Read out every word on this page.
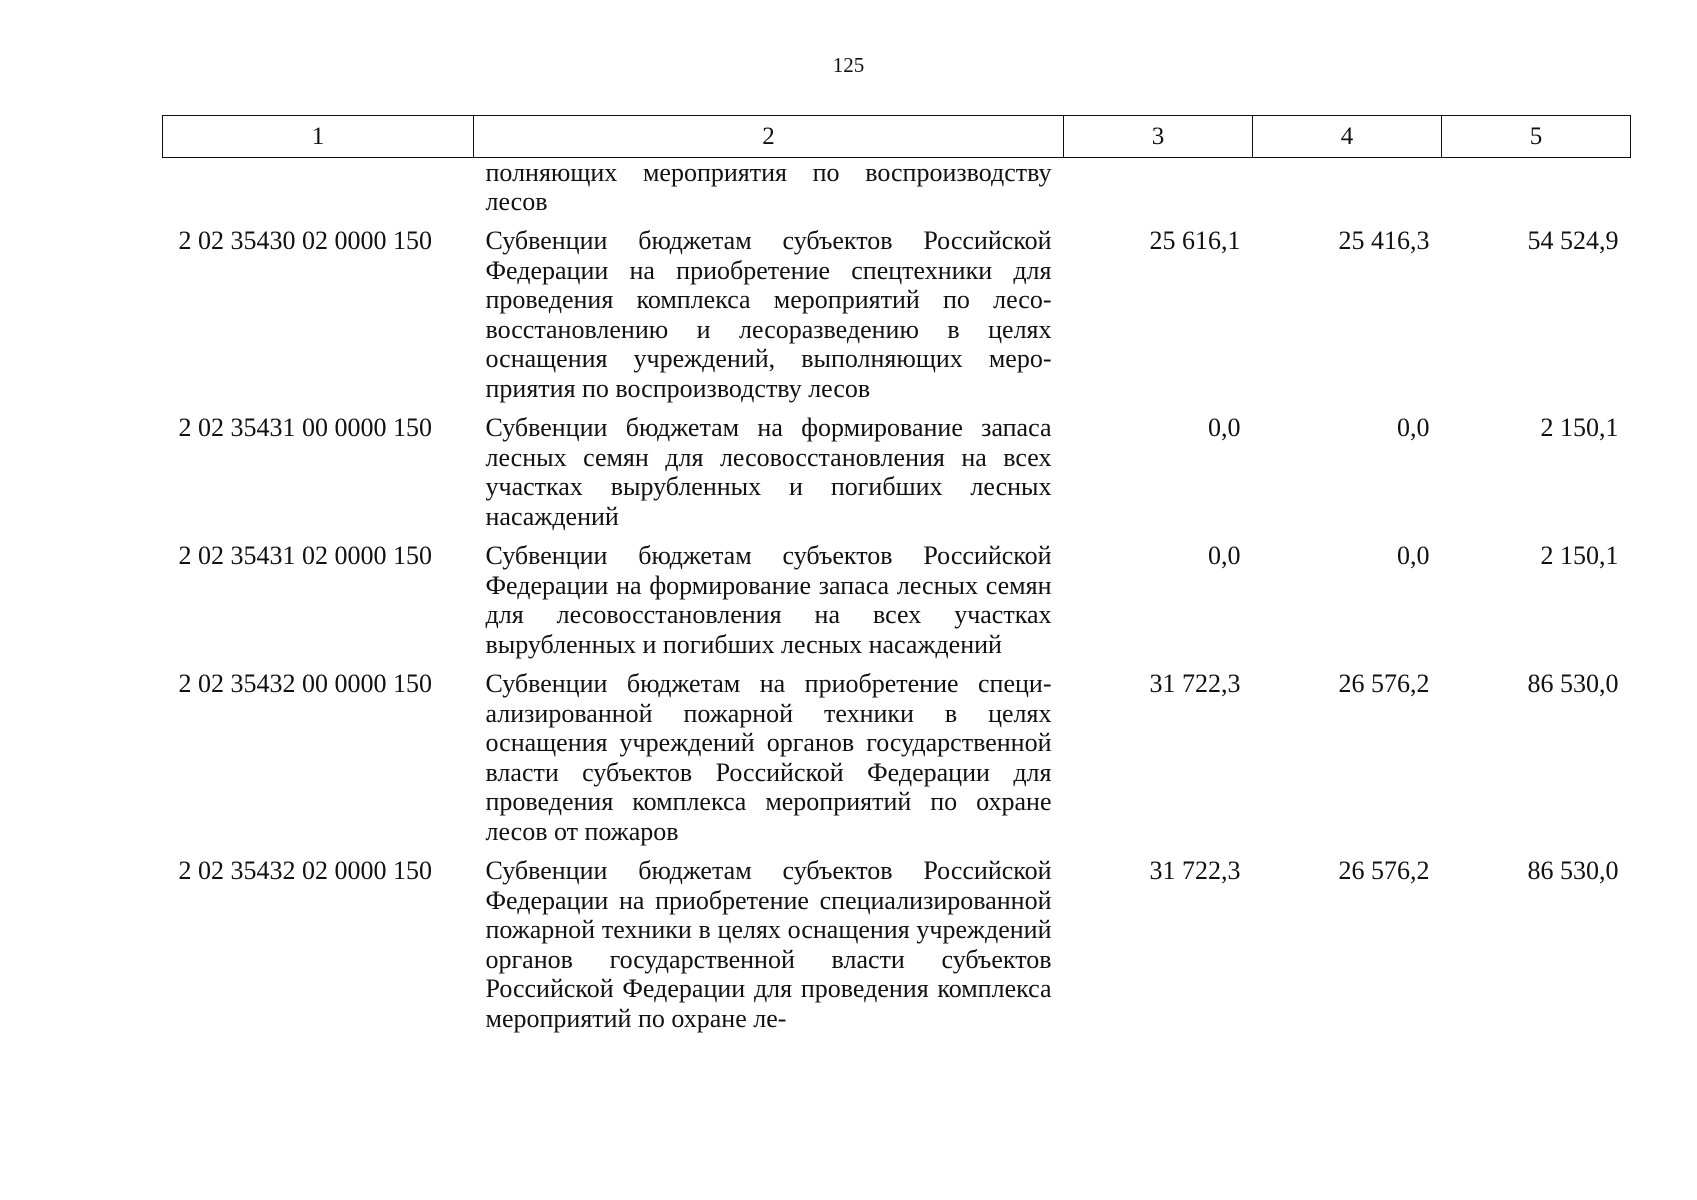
125
1	2	3	4	5
	полняющих мероприятия по воспроизводству лесов			
2 02 35430 02 0000 150	Субвенции бюджетам субъектов Российской Федерации на приобретение спецтехники для проведения комплекса мероприятий по лесовосстановлению и лесоразведению в целях оснащения учреждений, выполняющих мероприятия по воспроизводству лесов	25 616,1	25 416,3	54 524,9
2 02 35431 00 0000 150	Субвенции бюджетам на формирование запаса лесных семян для лесовосстановления на всех участках вырубленных и погибших лесных насаждений	0,0	0,0	2 150,1
2 02 35431 02 0000 150	Субвенции бюджетам субъектов Российской Федерации на формирование запаса лесных семян для лесовосстановления на всех участках вырубленных и погибших лесных насаждений	0,0	0,0	2 150,1
2 02 35432 00 0000 150	Субвенции бюджетам на приобретение специализированной пожарной техники в целях оснащения учреждений органов государственной власти субъектов Российской Федерации для проведения комплекса мероприятий по охране лесов от пожаров	31 722,3	26 576,2	86 530,0
2 02 35432 02 0000 150	Субвенции бюджетам субъектов Российской Федерации на приобретение специализированной пожарной техники в целях оснащения учреждений органов государственной власти субъектов Российской Федерации для проведения комплекса мероприятий по охране ле-	31 722,3	26 576,2	86 530,0
